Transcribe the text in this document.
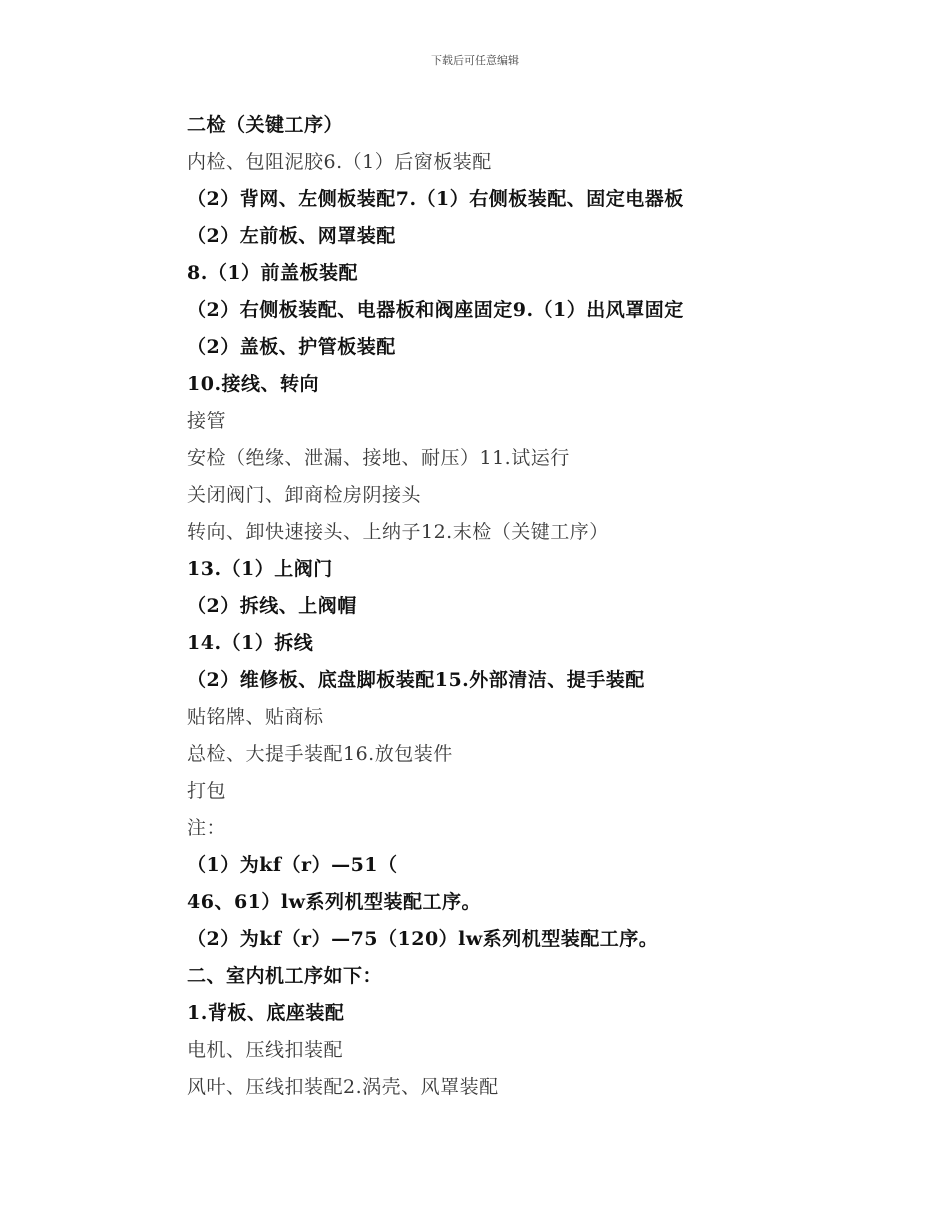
下载后可任意编辑
二检（关键工序）
内检、包阻泥胶6.（1）后窗板装配
（2）背网、左侧板装配7.（1）右侧板装配、固定电器板
（2）左前板、网罩装配
8.（1）前盖板装配
（2）右侧板装配、电器板和阀座固定9.（1）出风罩固定
（2）盖板、护管板装配
10.接线、转向
接管
安检（绝缘、泄漏、接地、耐压）11.试运行
关闭阀门、卸商检房阴接头
转向、卸快速接头、上纳子12.末检（关键工序）
13.（1）上阀门
（2）拆线、上阀帽
14.（1）拆线
（2）维修板、底盘脚板装配15.外部清洁、提手装配
贴铭牌、贴商标
总检、大提手装配16.放包装件
打包
注：
（1）为kf（r）—51（
46、61）lw系列机型装配工序。
（2）为kf（r）—75（120）lw系列机型装配工序。
二、室内机工序如下：
1.背板、底座装配
电机、压线扣装配
风叶、压线扣装配2.涡壳、风罩装配
